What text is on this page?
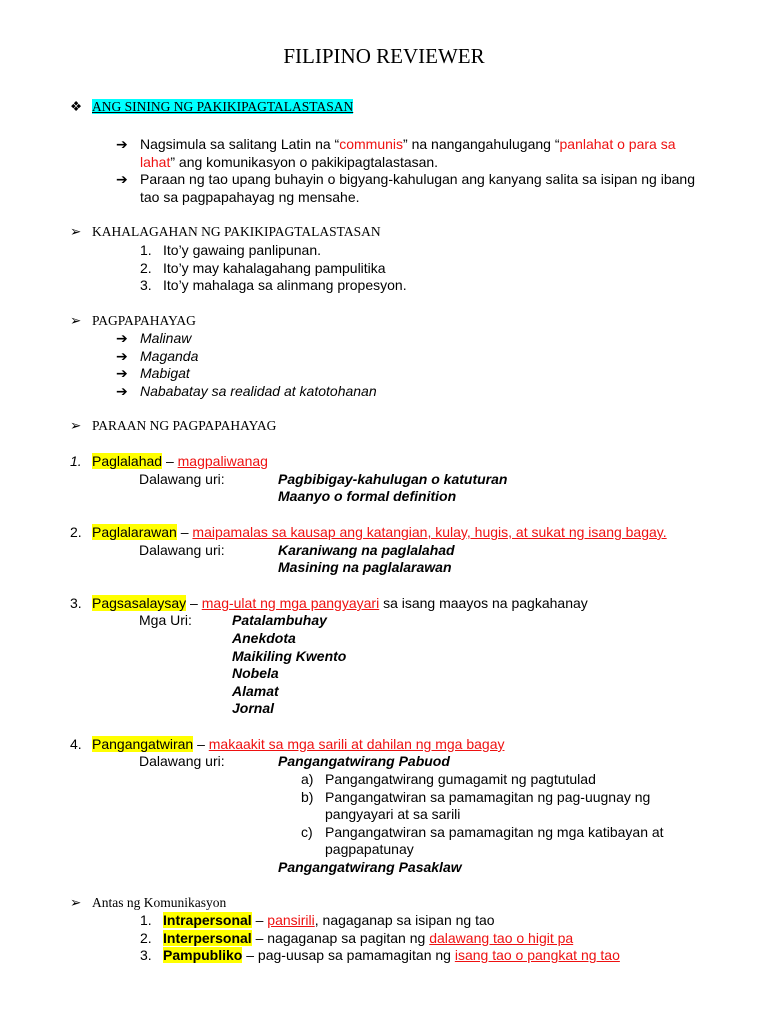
FILIPINO REVIEWER
❖ ANG SINING NG PAKIKIPAGTALASTASAN
➔ Nagsimula sa salitang Latin na “communis” na nangangahulugang “panlahat o para sa
lahat” ang komunikasyon o pakikipagtalastasan.
➔ Paraan ng tao upang buhayin o bigyang-kahulugan ang kanyang salita sa isipan ng ibang
tao sa pagpapahayag ng mensahe.
➢ KAHALAGAHAN NG PAKIKIPAGTALASTASAN
1. Ito’y gawaing panlipunan.
2. Ito’y may kahalagahang pampulitika
3. Ito’y mahalaga sa alinmang propesyon.
➢ PAGPAPAHAYAG
➔ Malinaw
➔ Maganda
➔ Mabigat
➔ Nababatay sa realidad at katotohanan
➢ PARAAN NG PAGPAPAHAYAG
1. Paglalahad – magpaliwanag
Dalawang uri:	Pagbibigay-kahulugan o katuturan
Maanyo o formal definition
2. Paglalarawan – maipamalas sa kausap ang katangian, kulay, hugis, at sukat ng isang bagay.
Dalawang uri:	Karaniwang na paglalahad
Masining na paglalarawan
3. Pagsasalaysay – mag-ulat ng mga pangyayari sa isang maayos na pagkahanay
Mga Uri:	Patalambuhay
Anekdota
Maikiling Kwento
Nobela
Alamat
Jornal
4. Pangangatwiran – makaakit sa mga sarili at dahilan ng mga bagay
Dalawang uri:	Pangangatwirang Pabuod
a) Pangangatwirang gumagamit ng pagtutulad
b) Pangangatwiran sa pamamagitan ng pag-uugnay ng
pangyayari at sa sarili
c) Pangangatwiran sa pamamagitan ng mga katibayan at
pagpapatunay
Pangangatwirang Pasaklaw
➢ Antas ng Komunikasyon
1. Intrapersonal – pansirili, nagaganap sa isipan ng tao
2. Interpersonal – nagaganap sa pagitan ng dalawang tao o higit pa
3. Pampubliko – pag-uusap sa pamamagitan ng isang tao o pangkat ng tao
